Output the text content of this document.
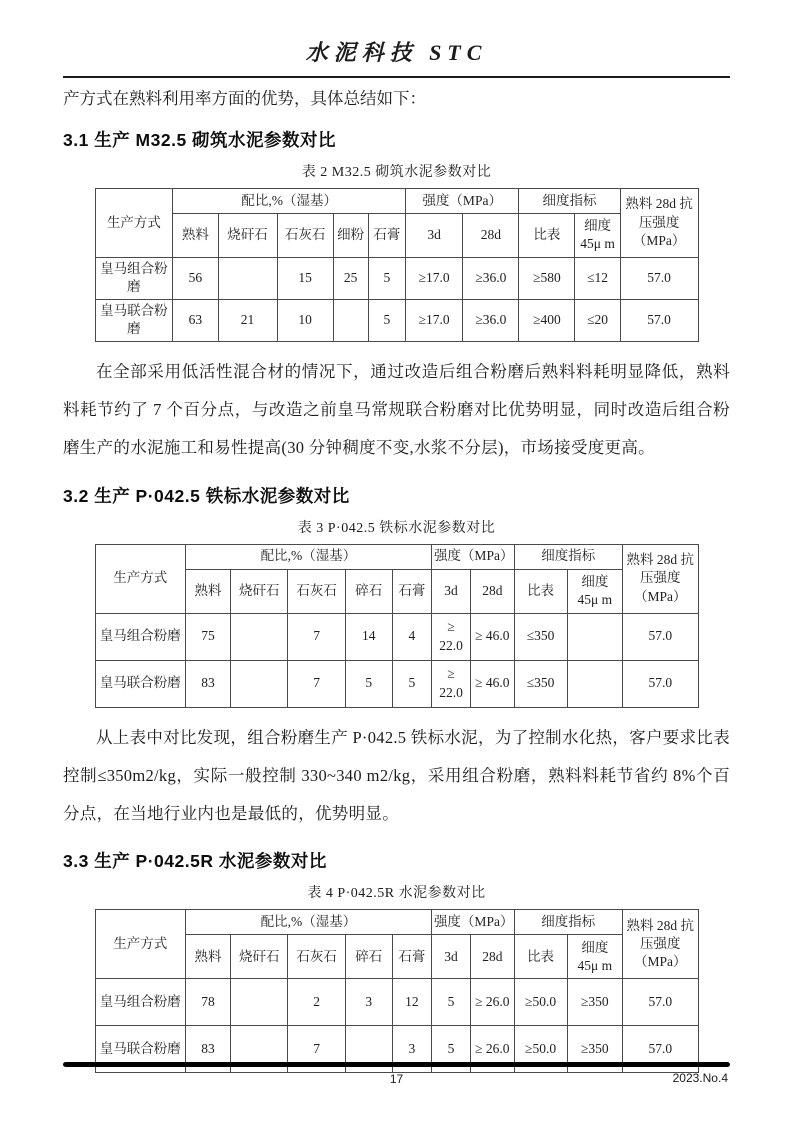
水泥科技 STC
产方式在熟料利用率方面的优势，具体总结如下：
3.1 生产 M32.5 砌筑水泥参数对比
表 2 M32.5 砌筑水泥参数对比
生产方式	配比,%（湿基）					强度（MPa）		细度指标		熟料 28d 抗压强度（MPa）
	熟料	烧矸石	石灰石	细粉	石膏	3d	28d	比表	细度 45μ m	
皇马组合粉磨	56		15	25	5	≥17.0	≥36.0	≥580	≤12	57.0
皇马联合粉磨	63	21	10		5	≥17.0	≥36.0	≥400	≤20	57.0
在全部采用低活性混合材的情况下，通过改造后组合粉磨后熟料料耗明显降低，熟料料耗节约了 7 个百分点，与改造之前皇马常规联合粉磨对比优势明显，同时改造后组合粉磨生产的水泥施工和易性提高(30 分钟稠度不变,水浆不分层)，市场接受度更高。
3.2 生产 P·042.5 铁标水泥参数对比
表 3 P·042.5 铁标水泥参数对比
生产方式	配比,%（湿基）					强度（MPa）		细度指标		熟料 28d 抗压强度（MPa）
	熟料	烧矸石	石灰石	碎石	石膏	3d	28d	比表	细度 45μ m	
皇马组合粉磨	75		7	14	4	≥ 22.0	≥ 46.0	≤350		57.0
皇马联合粉磨	83		7	5	5	≥ 22.0	≥ 46.0	≤350		57.0
从上表中对比发现，组合粉磨生产 P·042.5 铁标水泥，为了控制水化热，客户要求比表控制≤350m2/kg，实际一般控制 330~340 m2/kg，采用组合粉磨，熟料料耗节省约 8%个百分点，在当地行业内也是最低的，优势明显。
3.3 生产 P·042.5R 水泥参数对比
表 4 P·042.5R 水泥参数对比
生产方式	配比,%（湿基）					强度（MPa）		细度指标		熟料 28d 抗压强度（MPa）
	熟料	烧矸石	石灰石	碎石	石膏	3d	28d	比表	细度 45μ m	
皇马组合粉磨	78		2	3	12	5	≥ 26.0	≥50.0	≥350	57.0
皇马联合粉磨	83		7		3	5	≥ 26.0	≥50.0	≥350	57.0
17	2023.No.4
